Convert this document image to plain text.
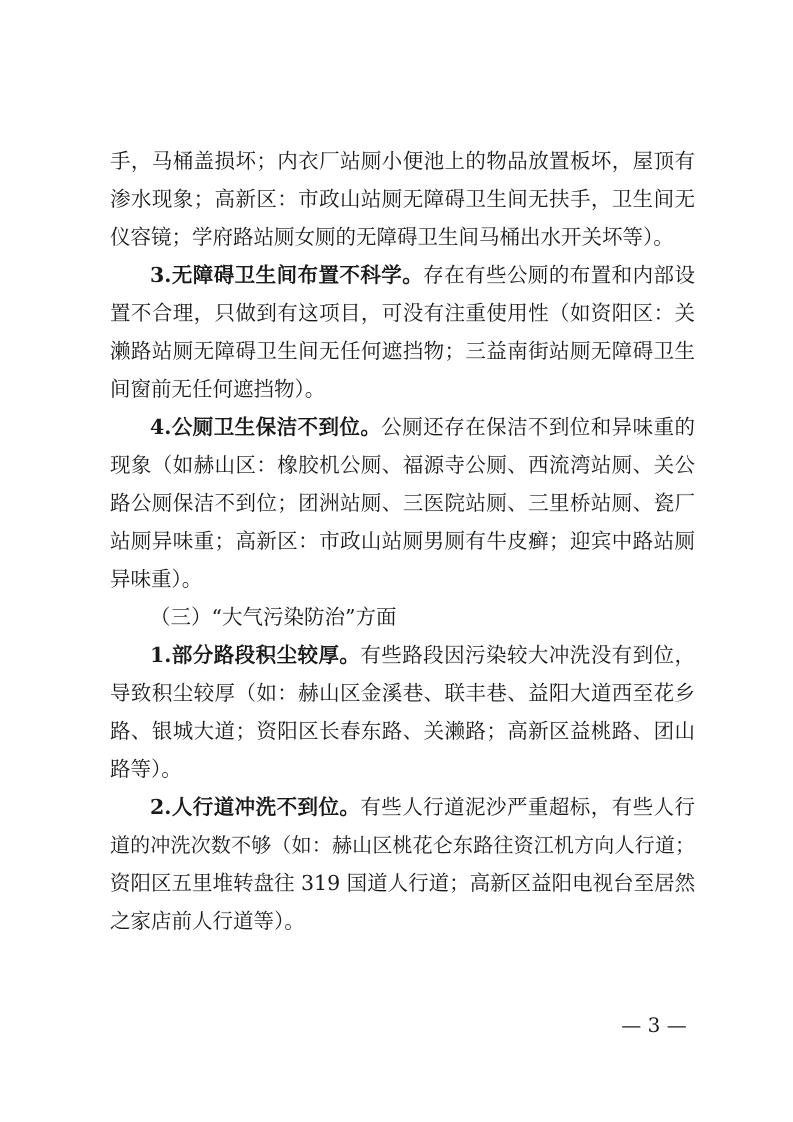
手，马桶盖损坏；内衣厂站厕小便池上的物品放置板坏，屋顶有
渗水现象；高新区：市政山站厕无障碍卫生间无扶手，卫生间无
仪容镜；学府路站厕女厕的无障碍卫生间马桶出水开关坏等）。
3.无障碍卫生间布置不科学。存在有些公厕的布置和内部设
置不合理，只做到有这项目，可没有注重使用性（如资阳区：关
濑路站厕无障碍卫生间无任何遮挡物；三益南街站厕无障碍卫生
间窗前无任何遮挡物）。
4.公厕卫生保洁不到位。公厕还存在保洁不到位和异味重的
现象（如赫山区：橡胶机公厕、福源寺公厕、西流湾站厕、关公
路公厕保洁不到位；团洲站厕、三医院站厕、三里桥站厕、瓷厂
站厕异味重；高新区：市政山站厕男厕有牛皮癣；迎宾中路站厕
异味重）。
（三）“大气污染防治”方面
1.部分路段积尘较厚。有些路段因污染较大冲洗没有到位，
导致积尘较厚（如：赫山区金溪巷、联丰巷、益阳大道西至花乡
路、银城大道；资阳区长春东路、关濑路；高新区益桃路、团山
路等）。
2.人行道冲洗不到位。有些人行道泥沙严重超标，有些人行
道的冲洗次数不够（如：赫山区桃花仑东路往资江机方向人行道；
资阳区五里堆转盘往 319 国道人行道；高新区益阳电视台至居然
之家店前人行道等）。
— 3 —
